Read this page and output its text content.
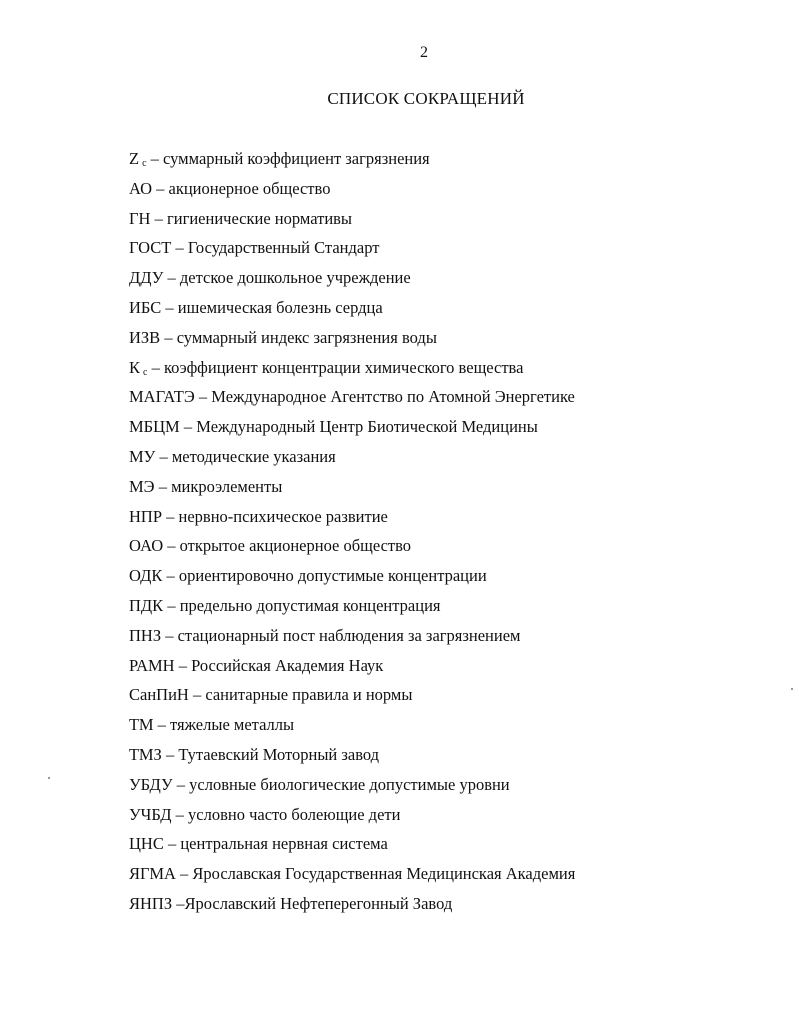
2
СПИСОК СОКРАЩЕНИЙ
Z $_c$ – суммарный коэффициент загрязнения
АО – акционерное общество
ГН – гигиенические нормативы
ГОСТ – Государственный Стандарт
ДДУ – детское дошкольное учреждение
ИБС – ишемическая болезнь сердца
ИЗВ – суммарный индекс загрязнения воды
К $_с$ – коэффициент концентрации химического вещества
МАГАТЭ – Международное Агентство по Атомной Энергетике
МБЦМ – Международный Центр Биотической Медицины
МУ – методические указания
МЭ – микроэлементы
НПР – нервно-психическое развитие
ОАО – открытое акционерное общество
ОДК – ориентировочно допустимые концентрации
ПДК – предельно допустимая концентрация
ПНЗ – стационарный пост наблюдения за загрязнением
РАМН – Российская Академия Наук
СанПиН – санитарные правила и нормы
ТМ – тяжелые металлы
ТМЗ – Тутаевский Моторный завод
УБДУ – условные биологические допустимые уровни
УЧБД – условно часто болеющие дети
ЦНС – центральная нервная система
ЯГМА – Ярославская Государственная Медицинская Академия
ЯНПЗ –Ярославский Нефтеперегонный Завод
